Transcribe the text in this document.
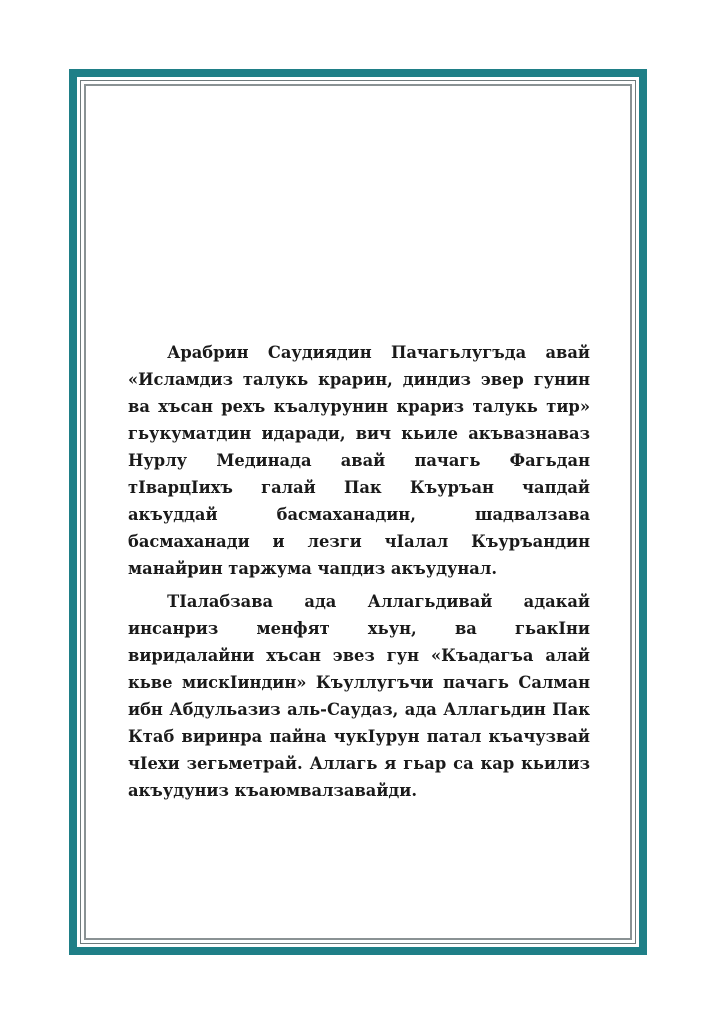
Арабрин Саудиядин Пачагьлугъда авай «Исламдиз талукь крарин, диндиз эвер гунин ва хъсан рехъ къалурунин крариз талукь тир» гьукуматдин идаради, вич кьиле акъвазнаваз Нурлу Мединада авай пачагь Фагьдан тӀварцӀихъ галай Пак Къуръан чапдай акъуддай басмаханадин, шадвалзава басмаханади и лезги чӀалал Къуръандин манайрин таржума чапдиз акъудунал.

ТӀалабзава ада Аллагьдивай адакай инсанриз менфят хьун, ва гьакӀни виридалайни хъсан эвез гун «Къадагъа алай кьве мискӀиндин» Къуллугъчи пачагь Салман ибн Абдульазиз аль-Саудаз, ада Аллагьдин Пак Ктаб виринра пайна чукӀурун патал къачузвай чӀехи зегьметрай. Аллагь я гьар са кар кьилиз акъудуниз къаюмвалзавайди.
